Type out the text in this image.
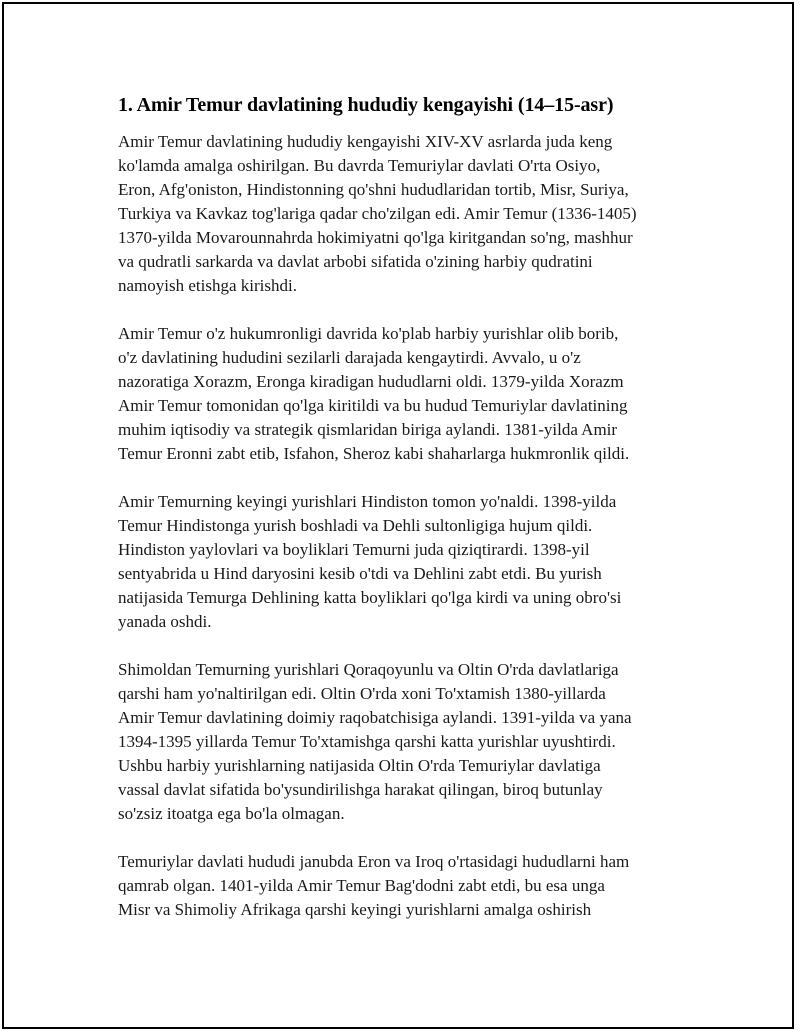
1. Amir Temur davlatining hududiy kengayishi (14–15-asr)

Amir Temur davlatining hududiy kengayishi XIV-XV asrlarda juda keng
ko'lamda amalga oshirilgan. Bu davrda Temuriylar davlati O'rta Osiyo,
Eron, Afg'oniston, Hindistonning qo'shni hududlaridan tortib, Misr, Suriya,
Turkiya va Kavkaz tog'lariga qadar cho'zilgan edi. Amir Temur (1336-1405)
1370-yilda Movarounnahrda hokimiyatni qo'lga kiritgandan so'ng, mashhur
va qudratli sarkarda va davlat arbobi sifatida o'zining harbiy qudratini
namoyish etishga kirishdi.

Amir Temur o'z hukumronligi davrida ko'plab harbiy yurishlar olib borib,
o'z davlatining hududini sezilarli darajada kengaytirdi. Avvalo, u o'z
nazoratiga Xorazm, Eronga kiradigan hududlarni oldi. 1379-yilda Xorazm
Amir Temur tomonidan qo'lga kiritildi va bu hudud Temuriylar davlatining
muhim iqtisodiy va strategik qismlaridan biriga aylandi. 1381-yilda Amir
Temur Eronni zabt etib, Isfahon, Sheroz kabi shaharlarga hukmronlik qildi.

Amir Temurning keyingi yurishlari Hindiston tomon yo'naldi. 1398-yilda
Temur Hindistonga yurish boshladi va Dehli sultonligiga hujum qildi.
Hindiston yaylovlari va boyliklari Temurni juda qiziqtirardi. 1398-yil
sentyabrida u Hind daryosini kesib o'tdi va Dehlini zabt etdi. Bu yurish
natijasida Temurga Dehlining katta boyliklari qo'lga kirdi va uning obro'si
yanada oshdi.

Shimoldan Temurning yurishlari Qoraqoyunlu va Oltin O'rda davlatlariga
qarshi ham yo'naltirilgan edi. Oltin O'rda xoni To'xtamish 1380-yillarda
Amir Temur davlatining doimiy raqobatchisiga aylandi. 1391-yilda va yana
1394-1395 yillarda Temur To'xtamishga qarshi katta yurishlar uyushtirdi.
Ushbu harbiy yurishlarning natijasida Oltin O'rda Temuriylar davlatiga
vassal davlat sifatida bo'ysundirilishga harakat qilingan, biroq butunlay
so'zsiz itoatga ega bo'la olmagan.

Temuriylar davlati hududi janubda Eron va Iroq o'rtasidagi hududlarni ham
qamrab olgan. 1401-yilda Amir Temur Bag'dodni zabt etdi, bu esa unga
Misr va Shimoliy Afrikaga qarshi keyingi yurishlarni amalga oshirish
